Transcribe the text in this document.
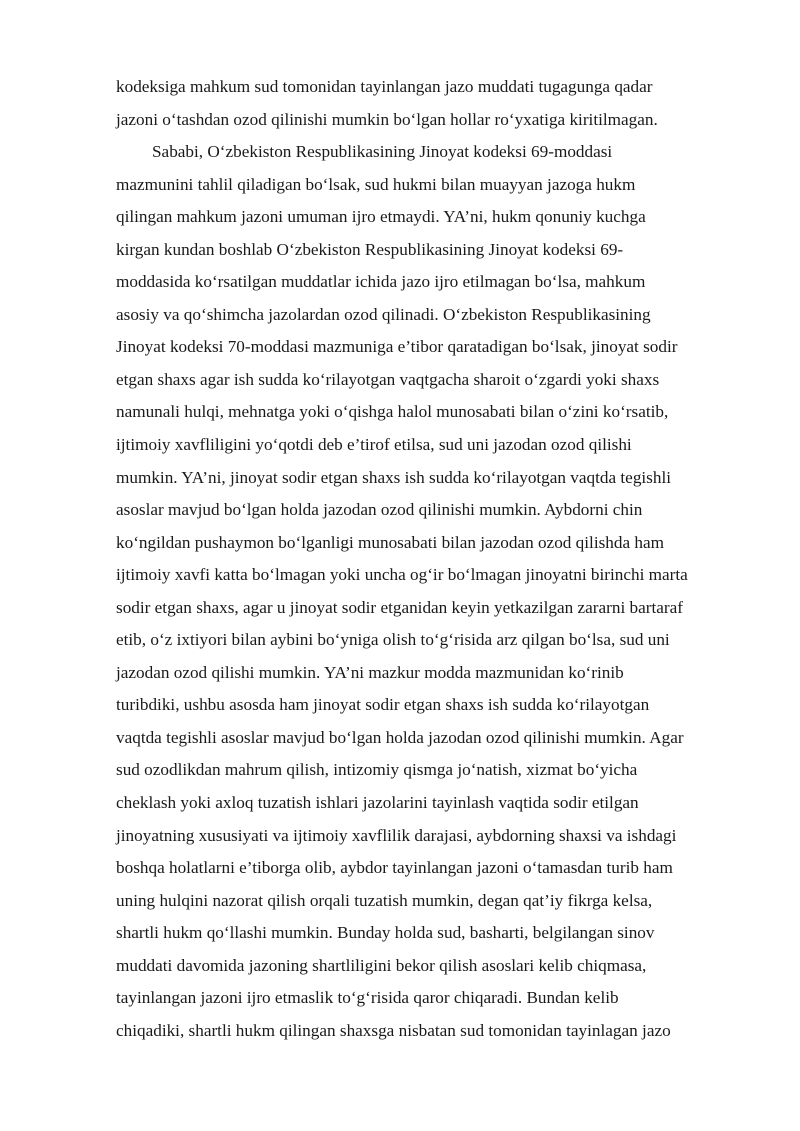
kodeksiga mahkum sud tomonidan tayinlangan jazo muddati tugagunga qadar
jazoni o‘tashdan ozod qilinishi mumkin bo‘lgan hollar ro‘yxatiga kiritilmagan.
Sababi, O‘zbekiston Respublikasining Jinoyat kodeksi 69-moddasi
mazmunini tahlil qiladigan bo‘lsak, sud hukmi bilan muayyan jazoga hukm
qilingan mahkum jazoni umuman ijro etmaydi. YA’ni, hukm qonuniy kuchga
kirgan kundan boshlab O‘zbekiston Respublikasining Jinoyat kodeksi 69-
moddasida ko‘rsatilgan muddatlar ichida jazo ijro etilmagan bo‘lsa, mahkum
asosiy va qo‘shimcha jazolardan ozod qilinadi. O‘zbekiston Respublikasining
Jinoyat kodeksi 70-moddasi mazmuniga e’tibor qaratadigan bo‘lsak, jinoyat sodir
etgan shaxs agar ish sudda ko‘rilayotgan vaqtgacha sharoit o‘zgardi yoki shaxs
namunali hulqi, mehnatga yoki o‘qishga halol munosabati bilan o‘zini ko‘rsatib,
ijtimoiy xavfliligini yo‘qotdi deb e’tirof etilsa, sud uni jazodan ozod qilishi
mumkin. YA’ni, jinoyat sodir etgan shaxs ish sudda ko‘rilayotgan vaqtda tegishli
asoslar mavjud bo‘lgan holda jazodan ozod qilinishi mumkin. Aybdorni chin
ko‘ngildan pushaymon bo‘lganligi munosabati bilan jazodan ozod qilishda ham
ijtimoiy xavfi katta bo‘lmagan yoki uncha og‘ir bo‘lmagan jinoyatni birinchi marta
sodir etgan shaxs, agar u jinoyat sodir etganidan keyin yetkazilgan zararni bartaraf
etib, o‘z ixtiyori bilan aybini bo‘yniga olish to‘g‘risida arz qilgan bo‘lsa, sud uni
jazodan ozod qilishi mumkin. YA’ni mazkur modda mazmunidan ko‘rinib
turibdiki, ushbu asosda ham jinoyat sodir etgan shaxs ish sudda ko‘rilayotgan
vaqtda tegishli asoslar mavjud bo‘lgan holda jazodan ozod qilinishi mumkin. Agar
sud ozodlikdan mahrum qilish, intizomiy qismga jo‘natish, xizmat bo‘yicha
cheklash yoki axloq tuzatish ishlari jazolarini tayinlash vaqtida sodir etilgan
jinoyatning xususiyati va ijtimoiy xavflilik darajasi, aybdorning shaxsi va ishdagi
boshqa holatlarni e’tiborga olib, aybdor tayinlangan jazoni o‘tamasdan turib ham
uning hulqini nazorat qilish orqali tuzatish mumkin, degan qat’iy fikrga kelsa,
shartli hukm qo‘llashi mumkin. Bunday holda sud, basharti, belgilangan sinov
muddati davomida jazoning shartliligini bekor qilish asoslari kelib chiqmasa,
tayinlangan jazoni ijro etmaslik to‘g‘risida qaror chiqaradi. Bundan kelib
chiqadiki, shartli hukm qilingan shaxsga nisbatan sud tomonidan tayinlagan jazo
